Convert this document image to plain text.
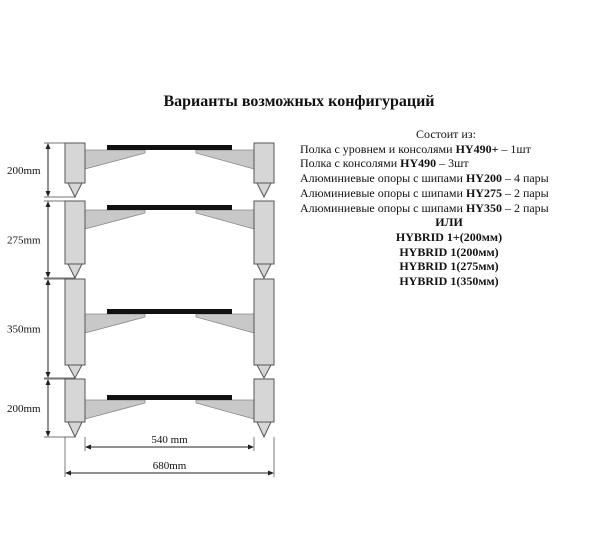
Варианты возможных конфигураций
Состоит из:
Полка с уровнем и консолями HY490+ – 1шт
Полка с консолями HY490 – 3шт
Алюминиевые опоры с шипами HY200 – 4 пары
Алюминиевые опоры с шипами HY275 – 2 пары
Алюминиевые опоры с шипами HY350 – 2 пары
ИЛИ
HYBRID 1+(200мм)
HYBRID 1(200мм)
HYBRID 1(275мм)
HYBRID 1(350мм)
200mm
275mm
350mm
200mm
540 mm
680mm
